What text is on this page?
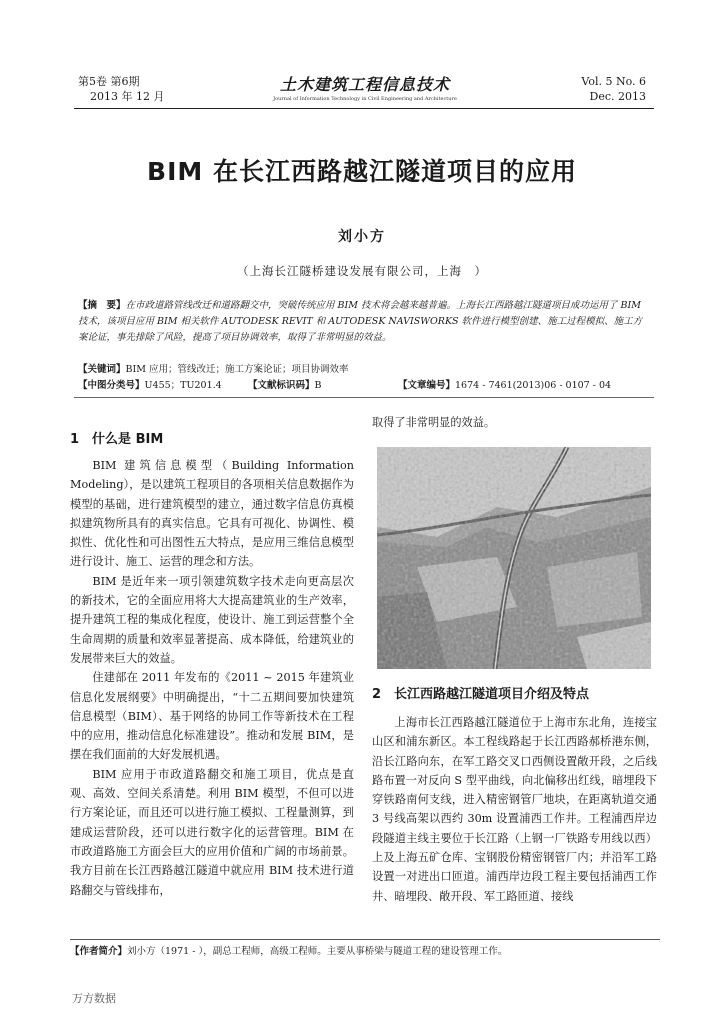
第5卷 第6期
2013 年 12 月
土木建筑工程信息技术
Journal of Information Technology in Civil Engineering and Architecture
Vol. 5 No. 6
Dec. 2013
BIM 在长江西路越江隧道项目的应用
刘小方
（上海长江隧桥建设发展有限公司，上海　）
【摘　要】在市政道路管线改迁和道路翻交中，突破传统应用 BIM 技术将会越来越普遍。上海长江西路越江隧道项目成功运用了 BIM 技术，该项目应用 BIM 相关软件 AUTODESK REVIT 和 AUTODESK NAVISWORKS 软件进行模型创建、施工过程模拟、施工方案论证，事先排除了风险，提高了项目协调效率，取得了非常明显的效益。
【关键词】BIM 应用；管线改迁；施工方案论证；项目协调效率
【中图分类号】U455；TU201.4	【文献标识码】B	【文章编号】1674 - 7461(2013)06 - 0107 - 04
1　什么是 BIM

BIM 建筑信息模型（Building Information Modeling），是以建筑工程项目的各项相关信息数据作为模型的基础，进行建筑模型的建立，通过数字信息仿真模拟建筑物所具有的真实信息。它具有可视化、协调性、模拟性、优化性和可出图性五大特点，是应用三维信息模型进行设计、施工、运营的理念和方法。

BIM 是近年来一项引领建筑数字技术走向更高层次的新技术，它的全面应用将大大提高建筑业的生产效率，提升建筑工程的集成化程度，使设计、施工到运营整个全生命周期的质量和效率显著提高、成本降低，给建筑业的发展带来巨大的效益。

住建部在 2011 年发布的《2011 ~ 2015 年建筑业信息化发展纲要》中明确提出，“十二五期间要加快建筑信息模型（BIM）、基于网络的协同工作等新技术在工程中的应用，推动信息化标准建设”。推动和发展 BIM，是摆在我们面前的大好发展机遇。

BIM 应用于市政道路翻交和施工项目，优点是直观、高效、空间关系清楚。利用 BIM 模型，不但可以进行方案论证，而且还可以进行施工模拟、工程量测算，到建成运营阶段，还可以进行数字化的运营管理。BIM 在市政道路施工方面会巨大的应用价值和广阔的市场前景。我方目前在长江西路越江隧道中就应用 BIM 技术进行道路翻交与管线排布，

取得了非常明显的效益。
2　长江西路越江隧道项目介绍及特点

上海市长江西路越江隧道位于上海市东北角，连接宝山区和浦东新区。本工程线路起于长江西路郝桥港东侧，沿长江路向东，在军工路交叉口西侧设置敞开段，之后线路布置一对反向 S 型平曲线，向北偏移出红线，暗埋段下穿铁路南何支线，进入精密钢管厂地块，在距离轨道交通 3 号线高架以西约 30m 设置浦西工作井。工程浦西岸边段隧道主线主要位于长江路（上钢一厂铁路专用线以西）上及上海五矿仓库、宝钢股份精密钢管厂内；并沿军工路设置一对进出口匝道。浦西岸边段工程主要包括浦西工作井、暗埋段、敞开段、军工路匝道、接线

【作者简介】刘小方（1971 - ），副总工程师，高级工程师。主要从事桥梁与隧道工程的建设管理工作。
万方数据
